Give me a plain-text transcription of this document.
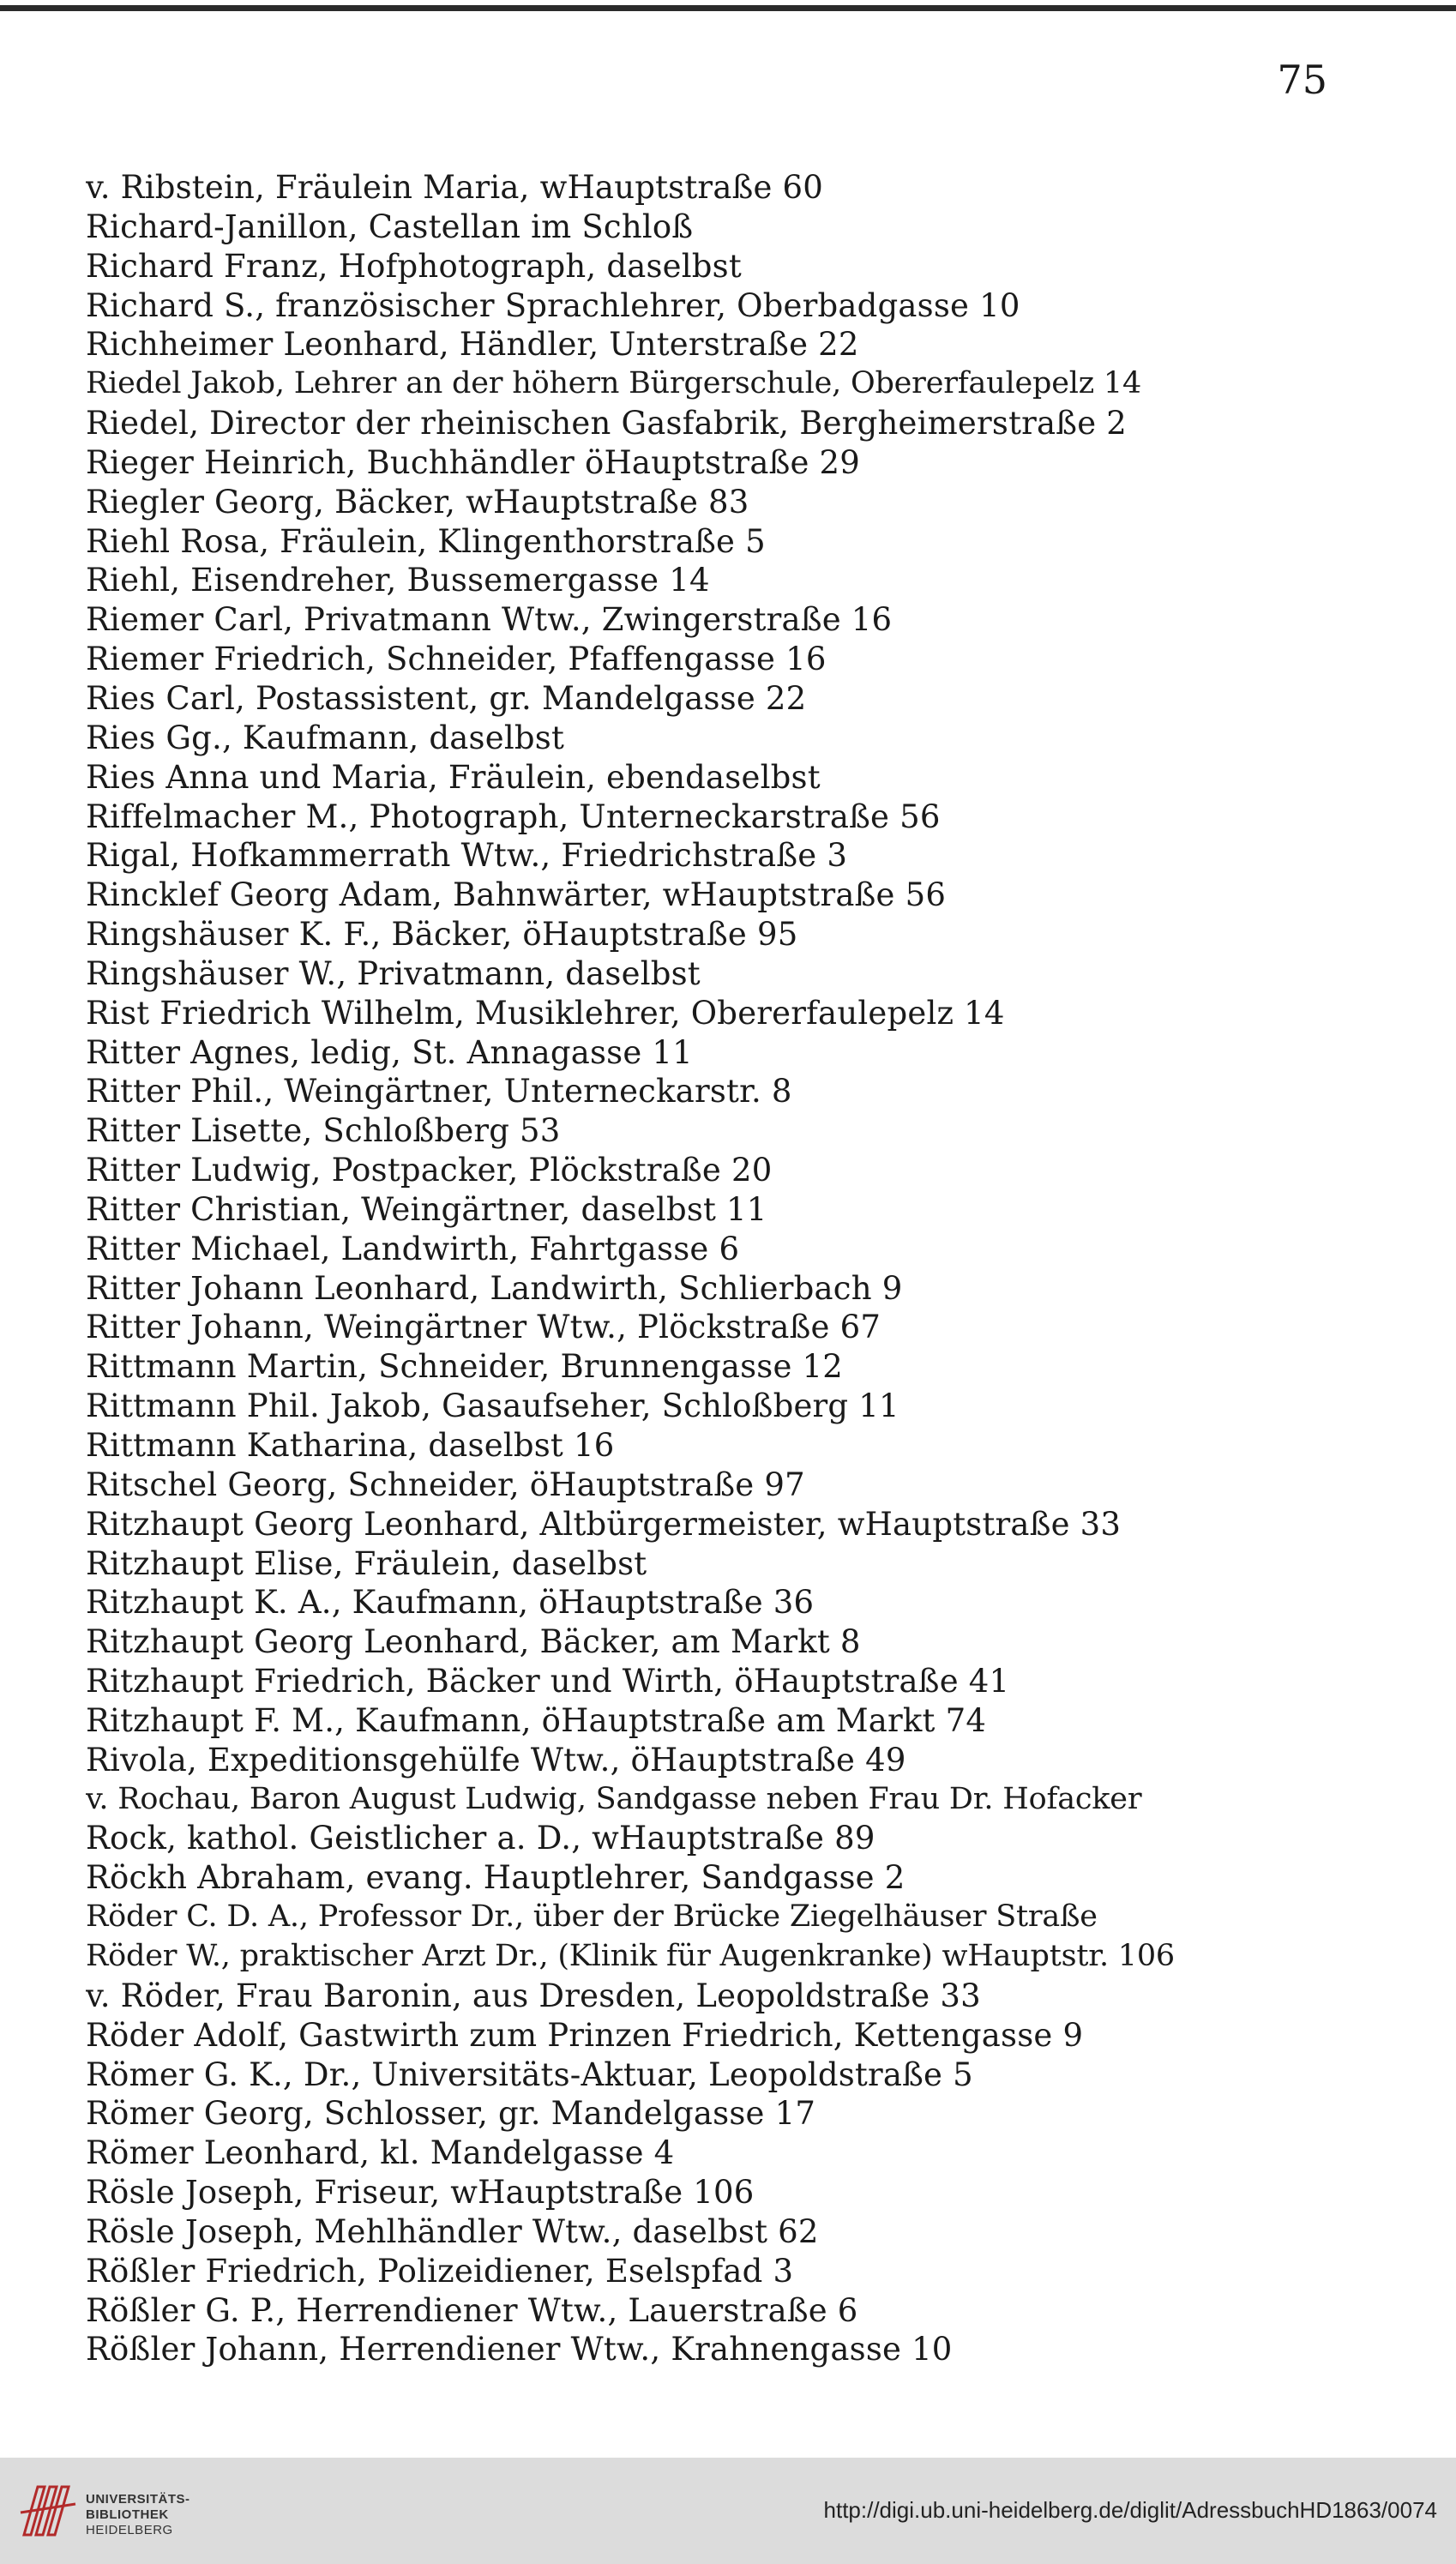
75
v. Ribstein, Fräulein Maria, wHauptstraße 60
Richard-Janillon, Castellan im Schloß
Richard Franz, Hofphotograph, daselbst
Richard S., französischer Sprachlehrer, Oberbadgasse 10
Richheimer Leonhard, Händler, Unterstraße 22
Riedel Jakob, Lehrer an der höhern Bürgerschule, Obererfaulepelz 14
Riedel, Director der rheinischen Gasfabrik, Bergheimerstraße 2
Rieger Heinrich, Buchhändler öHauptstraße 29
Riegler Georg, Bäcker, wHauptstraße 83
Riehl Rosa, Fräulein, Klingenthorstraße 5
Riehl, Eisendreher, Bussemergasse 14
Riemer Carl, Privatmann Wtw., Zwingerstraße 16
Riemer Friedrich, Schneider, Pfaffengasse 16
Ries Carl, Postassistent, gr. Mandelgasse 22
Ries Gg., Kaufmann, daselbst
Ries Anna und Maria, Fräulein, ebendaselbst
Riffelmacher M., Photograph, Unterneckarstraße 56
Rigal, Hofkammerrath Wtw., Friedrichstraße 3
Rincklef Georg Adam, Bahnwärter, wHauptstraße 56
Ringshäuser K. F., Bäcker, öHauptstraße 95
Ringshäuser W., Privatmann, daselbst
Rist Friedrich Wilhelm, Musiklehrer, Obererfaulepelz 14
Ritter Agnes, ledig, St. Annagasse 11
Ritter Phil., Weingärtner, Unterneckarstr. 8
Ritter Lisette, Schloßberg 53
Ritter Ludwig, Postpacker, Plöckstraße 20
Ritter Christian, Weingärtner, daselbst 11
Ritter Michael, Landwirth, Fahrtgasse 6
Ritter Johann Leonhard, Landwirth, Schlierbach 9
Ritter Johann, Weingärtner Wtw., Plöckstraße 67
Rittmann Martin, Schneider, Brunnengasse 12
Rittmann Phil. Jakob, Gasaufseher, Schloßberg 11
Rittmann Katharina, daselbst 16
Ritschel Georg, Schneider, öHauptstraße 97
Ritzhaupt Georg Leonhard, Altbürgermeister, wHauptstraße 33
Ritzhaupt Elise, Fräulein, daselbst
Ritzhaupt K. A., Kaufmann, öHauptstraße 36
Ritzhaupt Georg Leonhard, Bäcker, am Markt 8
Ritzhaupt Friedrich, Bäcker und Wirth, öHauptstraße 41
Ritzhaupt F. M., Kaufmann, öHauptstraße am Markt 74
Rivola, Expeditionsgehülfe Wtw., öHauptstraße 49
v. Rochau, Baron August Ludwig, Sandgasse neben Frau Dr. Hofacker
Rock, kathol. Geistlicher a. D., wHauptstraße 89
Röckh Abraham, evang. Hauptlehrer, Sandgasse 2
Röder C. D. A., Professor Dr., über der Brücke Ziegelhäuser Straße
Röder W., praktischer Arzt Dr., (Klinik für Augenkranke) wHauptstr. 106
v. Röder, Frau Baronin, aus Dresden, Leopoldstraße 33
Röder Adolf, Gastwirth zum Prinzen Friedrich, Kettengasse 9
Römer G. K., Dr., Universitäts-Aktuar, Leopoldstraße 5
Römer Georg, Schlosser, gr. Mandelgasse 17
Römer Leonhard, kl. Mandelgasse 4
Rösle Joseph, Friseur, wHauptstraße 106
Rösle Joseph, Mehlhändler Wtw., daselbst 62
Rößler Friedrich, Polizeidiener, Eselspfad 3
Rößler G. P., Herrendiener Wtw., Lauerstraße 6
Rößler Johann, Herrendiener Wtw., Krahnengasse 10
UNIVERSITÄTS-
BIBLIOTHEK
HEIDELBERG
http://digi.ub.uni-heidelberg.de/diglit/AdressbuchHD1863/0074
